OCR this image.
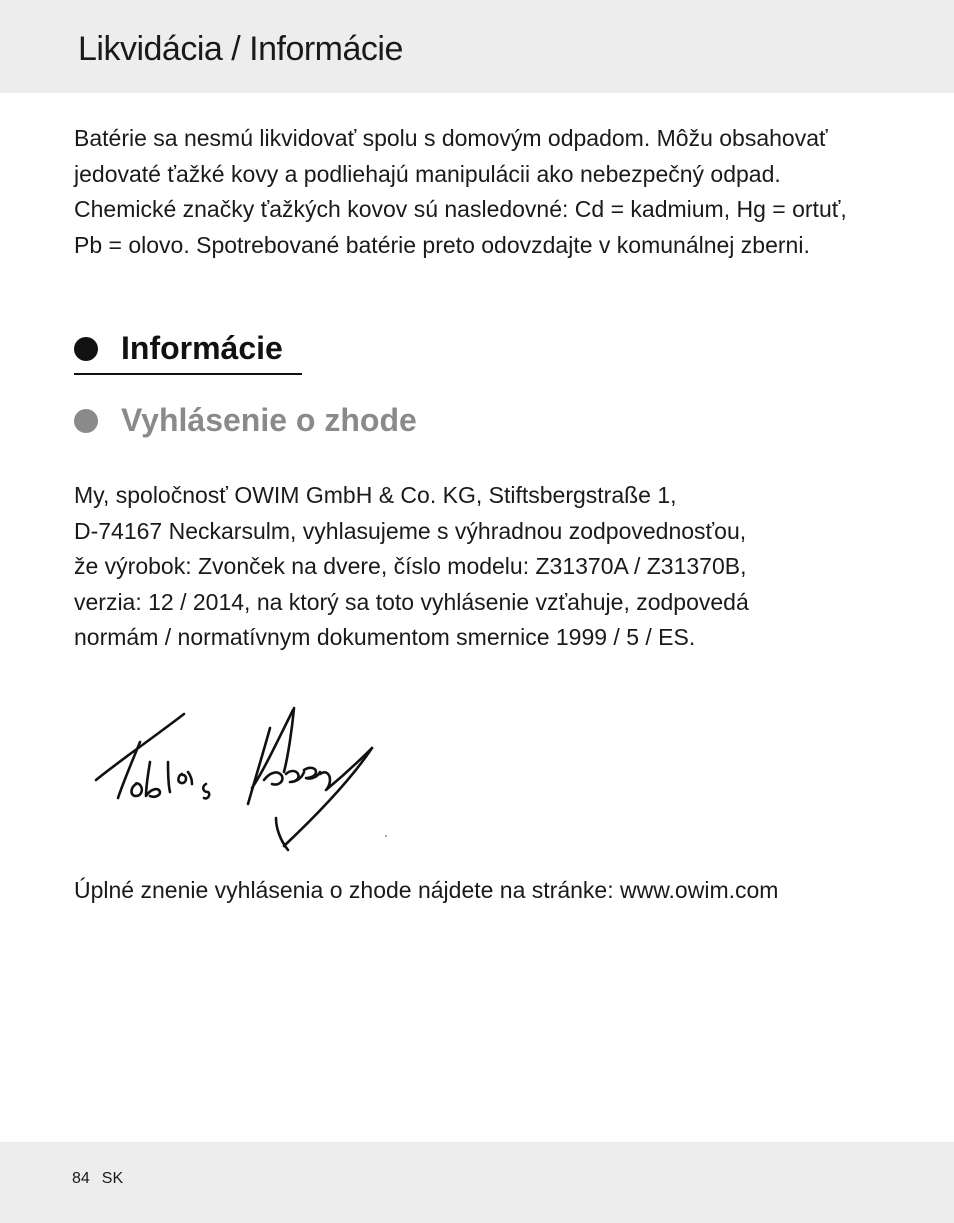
Likvidácia / Informácie

Batérie sa nesmú likvidovať spolu s domovým odpadom. Môžu obsahovať
jedovaté ťažké kovy a podliehajú manipulácii ako nebezpečný odpad.
Chemické značky ťažkých kovov sú nasledovné: Cd = kadmium, Hg = ortuť,
Pb = olovo. Spotrebované batérie preto odovzdajte v komunálnej zberni.

Informácie
Vyhlásenie o zhode

My, spoločnosť OWIM GmbH & Co. KG, Stiftsbergstraße 1,
D-74167 Neckarsulm, vyhlasujeme s výhradnou zodpovednosťou,
že výrobok: Zvonček na dvere, číslo modelu: Z31370A / Z31370B,
verzia: 12 / 2014, na ktorý sa toto vyhlásenie vzťahuje, zodpovedá
normám / normatívnym dokumentom smernice 1999 / 5 / ES.

Úplné znenie vyhlásenia o zhode nájdete na stránke: www.owim.com

84 SK
